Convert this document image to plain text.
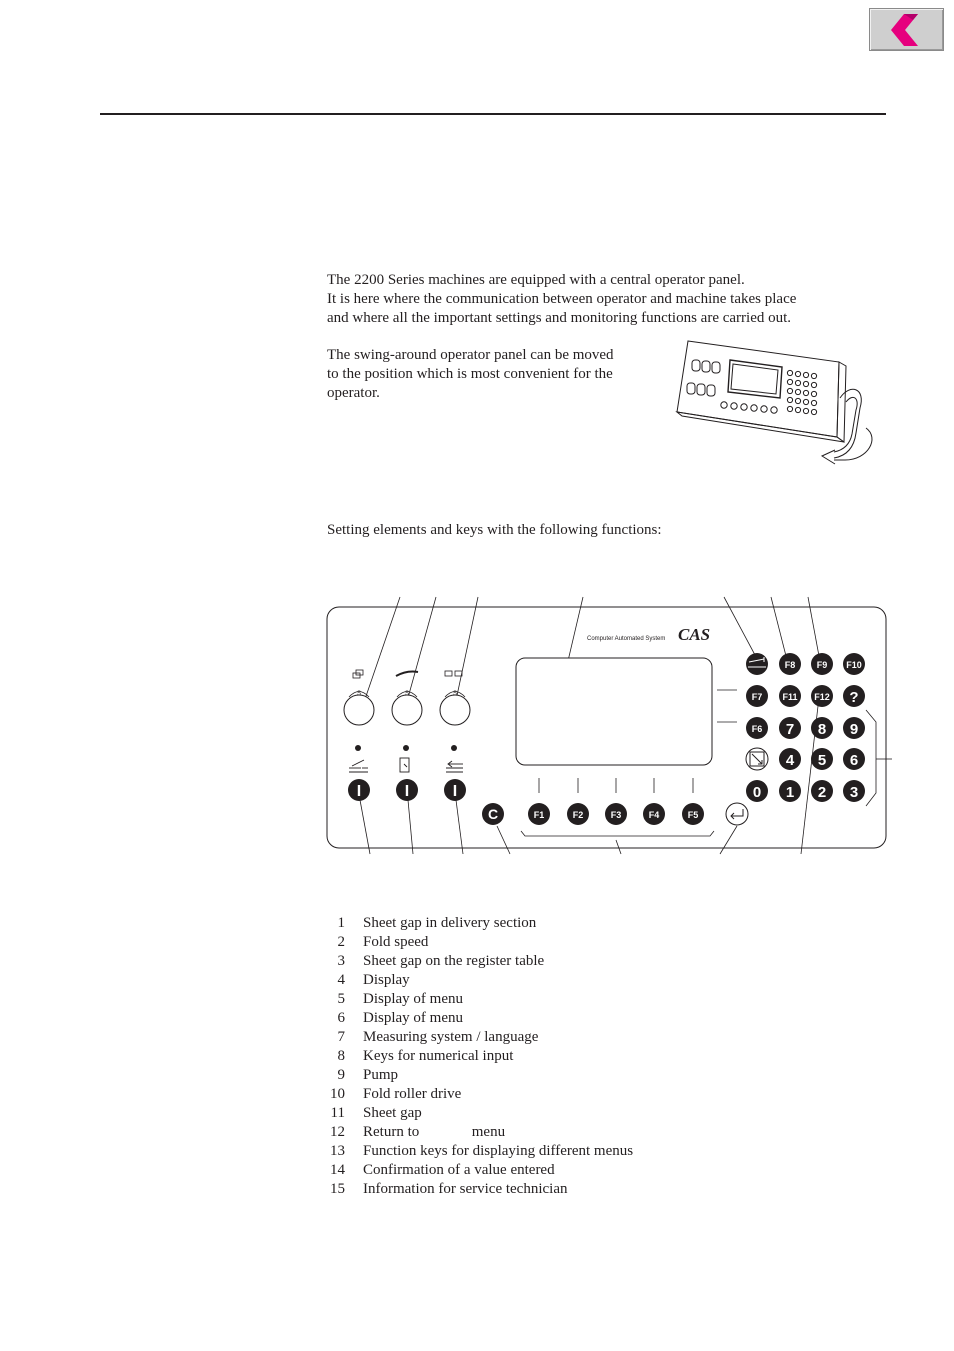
The 2200 Series machines are equipped with a central operator panel.
It is here where the communication between operator and machine takes place
and where all the important settings and monitoring functions are carried out.

The swing-around operator panel can be moved
to the position which is most convenient for the
operator.

Setting elements and keys with the following functions:

Computer Automated System CAS
S	S	S
I	I	I
C	F1	F2	F3	F4	F5
F8 F9 F10
F7 F11 F12 ?
F6 7 8 9
4 5 6
0 1 2 3
1 Sheet gap in delivery section
2 Fold speed
3 Sheet gap on the register table
4 Display
5 Display of menu
6 Display of menu
7 Measuring system / language
8 Keys for numerical input
9 Pump
10 Fold roller drive
11 Sheet gap
12 Return to              menu
13 Function keys for displaying different menus
14 Confirmation of a value entered
15 Information for service technician
